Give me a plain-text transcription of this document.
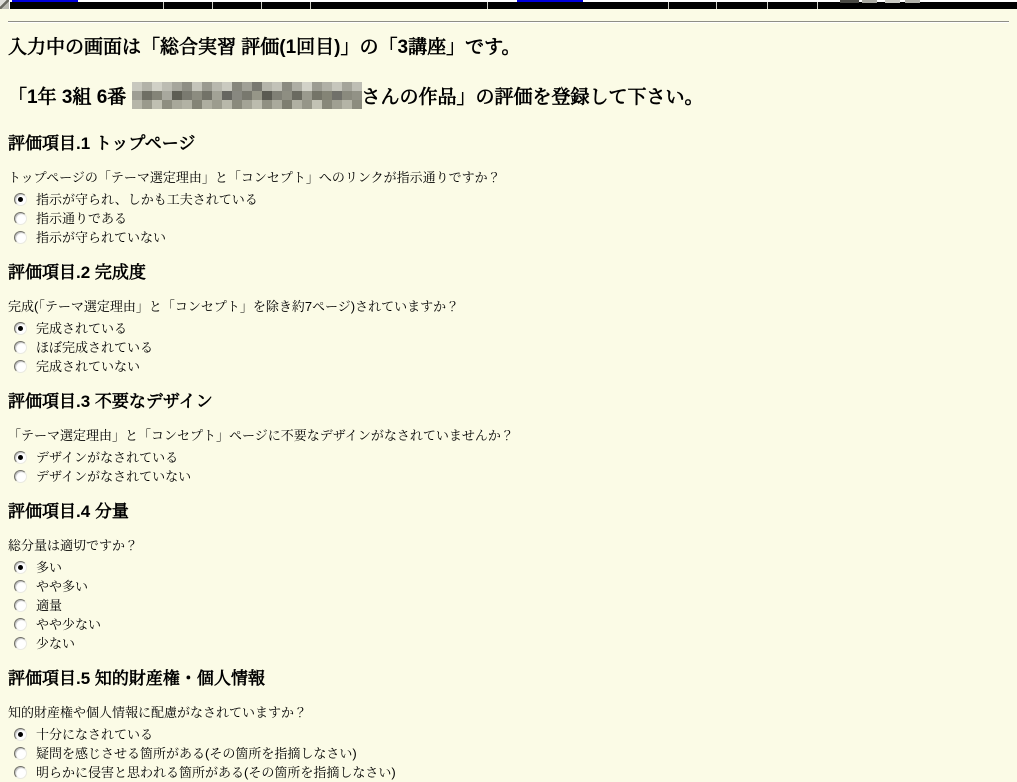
入力中の画面は「総合実習 評価(1回目)」の「3講座」です。
「1年 3組 6番	さんの作品」の評価を登録して下さい。
評価項目.1 トップページ
トップページの「テーマ選定理由」と「コンセプト」へのリンクが指示通りですか？
指示が守られ、しかも工夫されている
指示通りである
指示が守られていない
評価項目.2 完成度
完成(「テーマ選定理由」と「コンセプト」を除き約7ページ)されていますか？
完成されている
ほぼ完成されている
完成されていない
評価項目.3 不要なデザイン
「テーマ選定理由」と「コンセプト」ページに不要なデザインがなされていませんか？
デザインがなされている
デザインがなされていない
評価項目.4 分量
総分量は適切ですか？
多い
やや多い
適量
やや少ない
少ない
評価項目.5 知的財産権・個人情報
知的財産権や個人情報に配慮がなされていますか？
十分になされている
疑問を感じさせる箇所がある(その箇所を指摘しなさい)
明らかに侵害と思われる箇所がある(その箇所を指摘しなさい)
